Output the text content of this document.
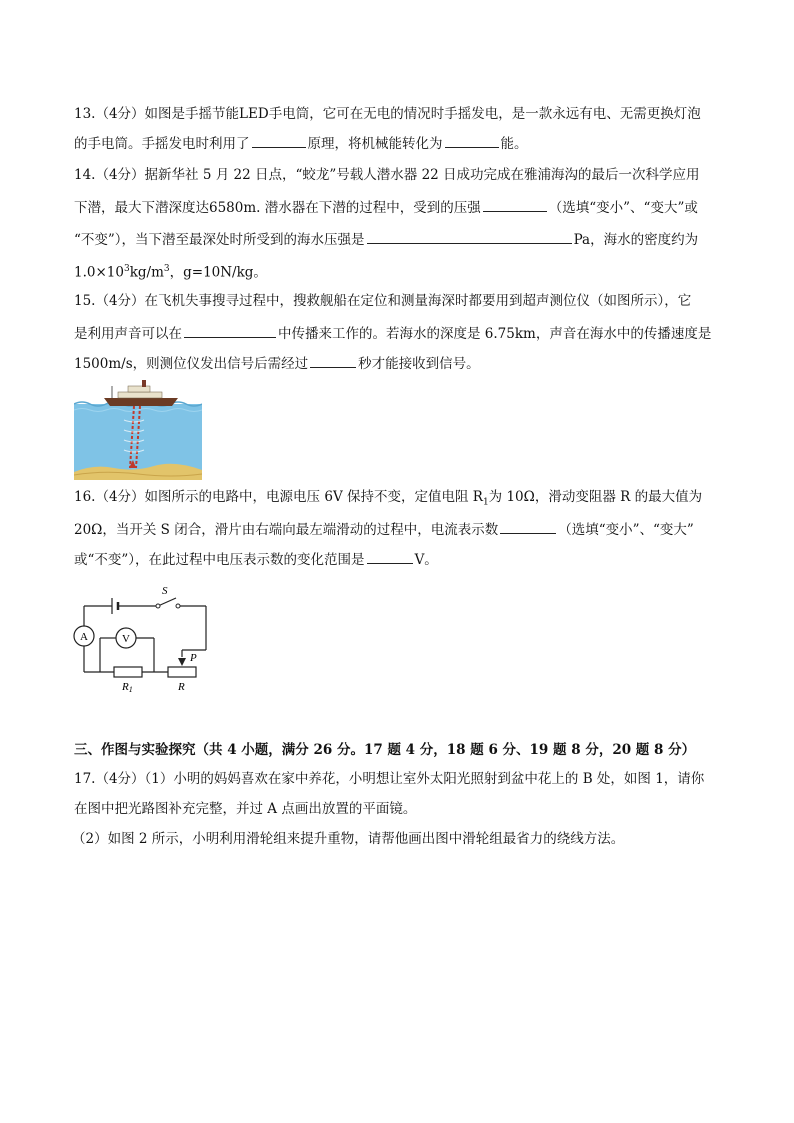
13.（4分）如图是手摇节能LED手电筒，它可在无电的情况时手摇发电，是一款永远有电、无需更换灯泡
的手电筒。手摇发电时利用了	原理，将机械能转化为	能。
14.（4分）据新华社 5 月 22 日点，“蛟龙”号载人潜水器 22 日成功完成在雅浦海沟的最后一次科学应用
下潜，最大下潜深度达6580m. 潜水器在下潜的过程中，受到的压强	（选填“变小”、“变大”或
“不变”），当下潜至最深处时所受到的海水压强是	Pa，海水的密度约为
$1.0\times 10^3kg/m^3$，g=10N/kg。
15.（4分）在飞机失事搜寻过程中，搜救舰船在定位和测量海深时都要用到超声测位仪（如图所示），它
是利用声音可以在	中传播来工作的。若海水的深度是 6.75km，声音在海水中的传播速度是
1500m/s，则测位仪发出信号后需经过	秒才能接收到信号。
16.（4分）如图所示的电路中，电源电压 6V 保持不变，定值电阻 $R_1$为 10Ω，滑动变阻器 R 的最大值为
20Ω，当开关 S 闭合，滑片由右端向最左端滑动的过程中，电流表示数	（选填“变小”、“变大”
或“不变”），在此过程中电压表示数的变化范围是	V。
A	V
S
P
R1	R
三、作图与实验探究（共 4 小题，满分 26 分。17 题 4 分，18 题 6 分、19 题 8 分，20 题 8 分）
17.（4分）（1）小明的妈妈喜欢在家中养花，小明想让室外太阳光照射到盆中花上的 B 处，如图 1，请你
在图中把光路图补充完整，并过 A 点画出放置的平面镜。
（2）如图 2 所示，小明利用滑轮组来提升重物，请帮他画出图中滑轮组最省力的绕线方法。
